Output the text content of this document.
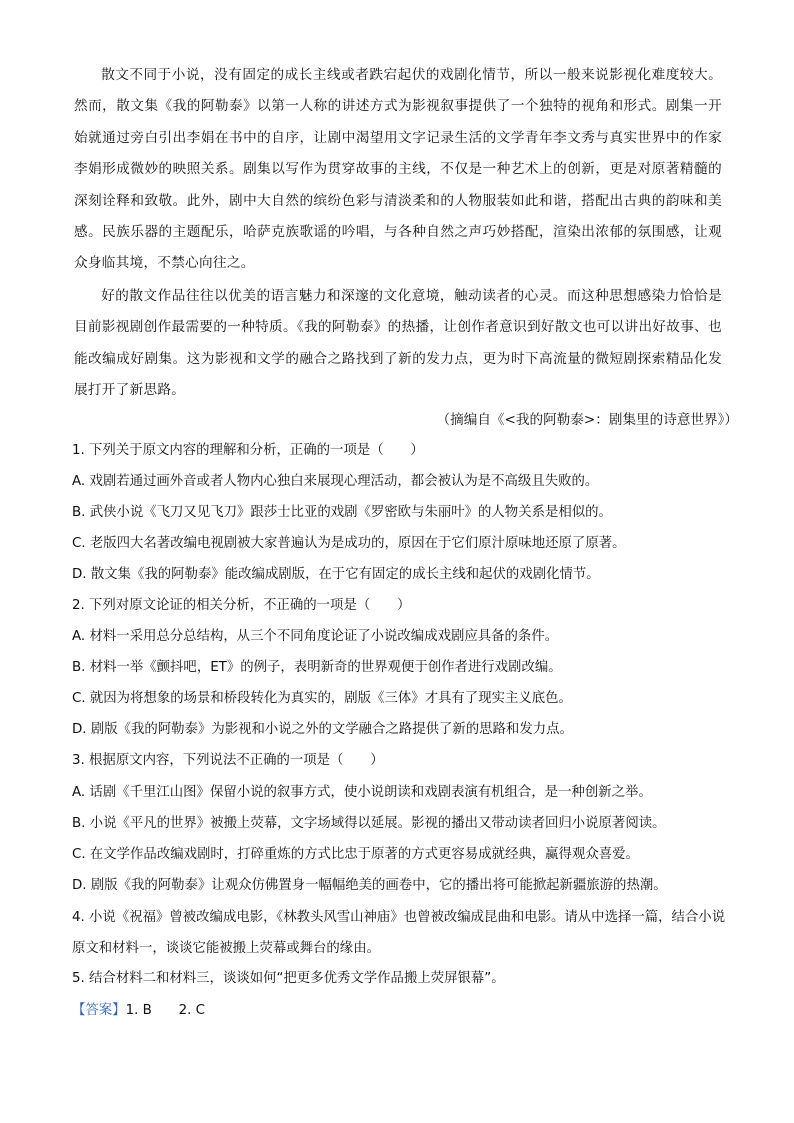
散文不同于小说，没有固定的成长主线或者跌宕起伏的戏剧化情节，所以一般来说影视化难度较大。然而，散文集《我的阿勒泰》以第一人称的讲述方式为影视叙事提供了一个独特的视角和形式。剧集一开始就通过旁白引出李娟在书中的自序，让剧中渴望用文字记录生活的文学青年李文秀与真实世界中的作家李娟形成微妙的映照关系。剧集以写作为贯穿故事的主线，不仅是一种艺术上的创新，更是对原著精髓的深刻诠释和致敬。此外，剧中大自然的缤纷色彩与清淡柔和的人物服装如此和谐，搭配出古典的韵味和美感。民族乐器的主题配乐，哈萨克族歌谣的吟唱，与各种自然之声巧妙搭配，渲染出浓郁的氛围感，让观众身临其境，不禁心向往之。

好的散文作品往往以优美的语言魅力和深邃的文化意境，触动读者的心灵。而这种思想感染力恰恰是目前影视剧创作最需要的一种特质。《我的阿勒泰》的热播，让创作者意识到好散文也可以讲出好故事、也能改编成好剧集。这为影视和文学的融合之路找到了新的发力点，更为时下高流量的微短剧探索精品化发展打开了新思路。

（摘编自《<我的阿勒泰>：剧集里的诗意世界》）

1. 下列关于原文内容的理解和分析，正确的一项是（　　）

A. 戏剧若通过画外音或者人物内心独白来展现心理活动，都会被认为是不高级且失败的。

B. 武侠小说《飞刀又见飞刀》跟莎士比亚的戏剧《罗密欧与朱丽叶》的人物关系是相似的。

C. 老版四大名著改编电视剧被大家普遍认为是成功的，原因在于它们原汁原味地还原了原著。

D. 散文集《我的阿勒泰》能改编成剧版，在于它有固定的成长主线和起伏的戏剧化情节。

2. 下列对原文论证的相关分析，不正确的一项是（　　）

A. 材料一采用总分总结构，从三个不同角度论证了小说改编成戏剧应具备的条件。

B. 材料一举《颤抖吧，ET》的例子，表明新奇的世界观便于创作者进行戏剧改编。

C. 就因为将想象的场景和桥段转化为真实的，剧版《三体》才具有了现实主义底色。

D. 剧版《我的阿勒泰》为影视和小说之外的文学融合之路提供了新的思路和发力点。

3. 根据原文内容，下列说法不正确的一项是（　　）

A. 话剧《千里江山图》保留小说的叙事方式，使小说朗读和戏剧表演有机组合，是一种创新之举。

B. 小说《平凡的世界》被搬上荧幕，文字场域得以延展。影视的播出又带动读者回归小说原著阅读。

C. 在文学作品改编戏剧时，打碎重炼的方式比忠于原著的方式更容易成就经典，赢得观众喜爱。

D. 剧版《我的阿勒泰》让观众仿佛置身一幅幅绝美的画卷中，它的播出将可能掀起新疆旅游的热潮。

4. 小说《祝福》曾被改编成电影，《林教头风雪山神庙》也曾被改编成昆曲和电影。请从中选择一篇，结合小说原文和材料一，谈谈它能被搬上荧幕或舞台的缘由。

5. 结合材料二和材料三，谈谈如何“把更多优秀文学作品搬上荧屏银幕”。

【答案】1. B　　2. C
